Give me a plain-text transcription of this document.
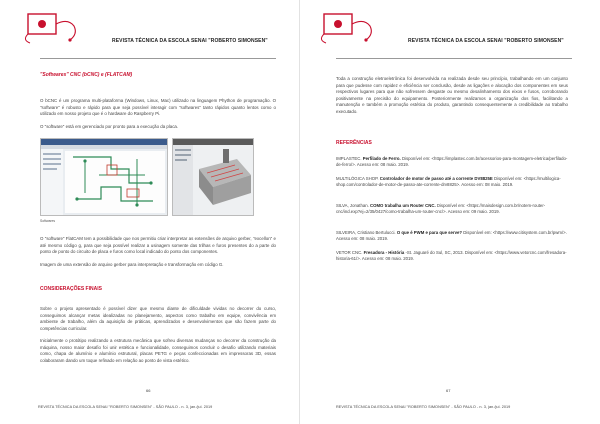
REVISTA TÉCNICA DA ESCOLA SENAI "ROBERTO SIMONSEN"
"Softwares" CNC (bCNC) e (FLATCAM)
O bCNC é um programa multi-plataforma (Windows, Linux, Mac) utilizado na linguagem Phython de programação. O "software" é robusto e rápido para que seja possível interagir com "softwares" tanto rápidos quanto lentos como o utilizado em nosso projeto que é o hardware do Raspberry Pi.
O "software" está em gerenciado por pronto para a execução da placa.
Softwares
O "software" FlatCAM tem a possibilidade que nos permitiu criar interpretar as extensões de arquivo gerber, "excellon" e até mesmo código g, para que seja possível realizar a usinagem somente das trilhas e furos presentes do a parte do ponto de ponto do circuito de placa e furos como local indicado do ponto dos componentes.
Imagem de uma extensão de arquivo gerber para interpretação e transformação em código G.
CONSIDERAÇÕES FINAIS
Sobre o projeto apresentado é possível dizer que mesmo diante de dificuldade vividas no decorrer do curso, conseguimos alcançar metas idealizadas no planejamento, aspectos como trabalho em equipe, convivência em ambiente de trabalho, além da aquisição de práticas, aprendizados e desenvolvimentos que são fazem parte do competências curricular.
Inicialmente o protótipo realizando a estrutura mecânica que sofreu diversas mudanças no decorrer da construção da máquina, nosso maior desafio foi unir estética e funcionalidade, conseguimos concluir o desafio utilizando materiais como, chapa de alumínio e alumínio estrutural, placas PETG e peças confeccionadas em impressoras 3D, essas colaboraram dando um toque refinado em relação ao ponto de vista estético.
66
REVISTA TÉCNICA DA ESCOLA SENAI "ROBERTO SIMONSEN" - SÃO PAULO - n. 3, jan./jul. 2019
REVISTA TÉCNICA DA ESCOLA SENAI "ROBERTO SIMONSEN"
Toda a construção eletroeletrônica foi desenvolvida na realizada desde seu princípio, trabalhando em um conjunto para que pudesse com rapidez e eficiência ser conclusão, desde as ligações e alocação dos componentes em seus respectivos lugares para que não sofressem desgaste ou mesmo desalinhamento dos eixos e fusos, corroborando positivamente na precisão do equipamento. Posteriormente realizamos a organização dos fios, facilitando a manutenção e também a promoção estética do produto, garantindo consequentemente a credibilidade ao trabalho executado.
REFERÊNCIAS
IMPLASTEC. Perfilado de Ferro. Disponível em: <https://implastec.com.br/acessorios-para-montagem-eletrica/perfilado-de-ferro/>. Acesso em: 08 maio. 2019.
MULTILÓGICA SHOP. Controlador de motor de passo até a corrente DV8825E Disponível em: <https://multilogica-shop.com/controlador-de-motor-de-passo-ate-corrente-drv8825>. Acesso em: 08 maio. 2019.
SILVA, Jonathan. COMO trabalha um Router CNC. Disponível em: <https://maisdesign.com.br/notem-router-cnc/ind.exp?ej=2/35/0427/como-trabalha-um-router-cnc/>. Acesso em: 09 maio. 2019.
SILVEIRA, Cristiano Bertulucci. O que é PWM e para que serve? Disponível em: <https://www.citisystem.com.br/pwm/>. Acesso em: 08 maio. 2019.
VETOR CNC. Fresadora - História -St. Jaguaré do Sul, SC, 2013. Disponível em: <https://www.vetorcnc.com/fresadora-historia-61/>. Acesso em: 08 maio. 2019.
67
REVISTA TÉCNICA DA ESCOLA SENAI "ROBERTO SIMONSEN" - SÃO PAULO - n. 3, jan./jul. 2019
